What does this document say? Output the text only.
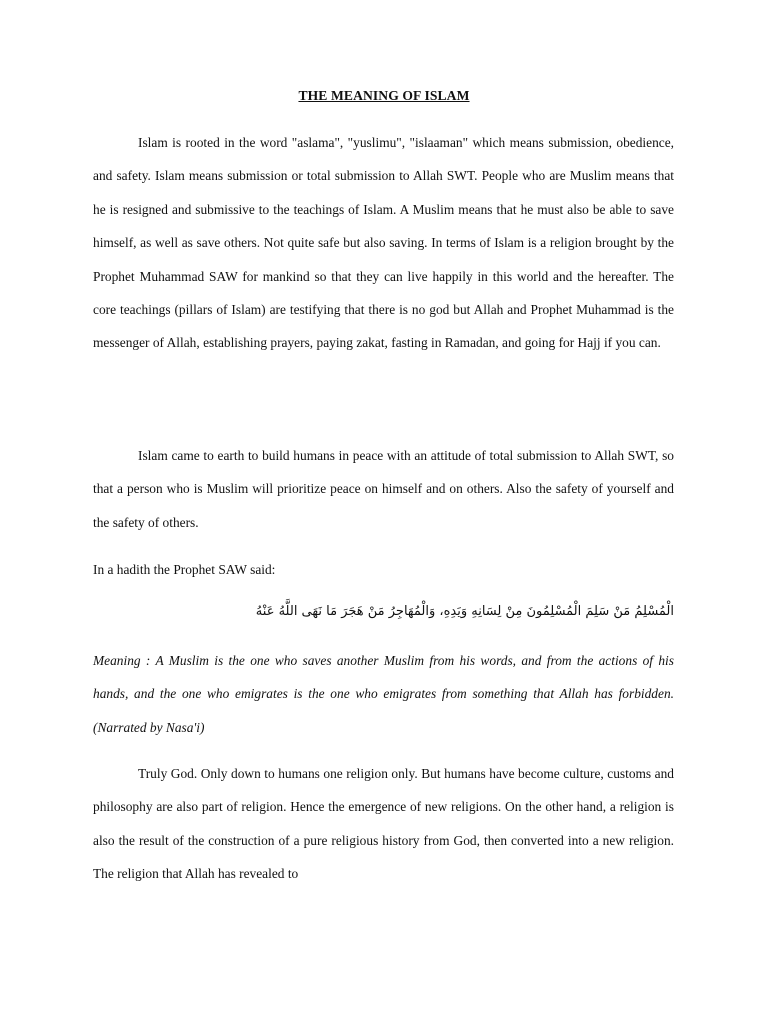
THE MEANING OF ISLAM

Islam is rooted in the word "aslama", "yuslimu", "islaaman" which means submission, obedience, and safety. Islam means submission or total submission to Allah SWT. People who are Muslim means that he is resigned and submissive to the teachings of Islam. A Muslim means that he must also be able to save himself, as well as save others. Not quite safe but also saving. In terms of Islam is a religion brought by the Prophet Muhammad SAW for mankind so that they can live happily in this world and the hereafter. The core teachings (pillars of Islam) are testifying that there is no god but Allah and Prophet Muhammad is the messenger of Allah, establishing prayers, paying zakat, fasting in Ramadan, and going for Hajj if you can.

Islam came to earth to build humans in peace with an attitude of total submission to Allah SWT, so that a person who is Muslim will prioritize peace on himself and on others. Also the safety of yourself and the safety of others.

In a hadith the Prophet SAW said:

الْمُسْلِمُ مَنْ سَلِمَ الْمُسْلِمُونَ مِنْ لِسَانِهِ وَيَدِهِ، وَالْمُهَاجِرُ مَنْ هَجَرَ مَا نَهَى اللَّهُ عَنْهُ

Meaning : A Muslim is the one who saves another Muslim from his words, and from the actions of his hands, and the one who emigrates is the one who emigrates from something that Allah has forbidden. (Narrated by Nasa'i)

Truly God. Only down to humans one religion only. But humans have become culture, customs and philosophy are also part of religion. Hence the emergence of new religions. On the other hand, a religion is also the result of the construction of a pure religious history from God, then converted into a new religion. The religion that Allah has revealed to
